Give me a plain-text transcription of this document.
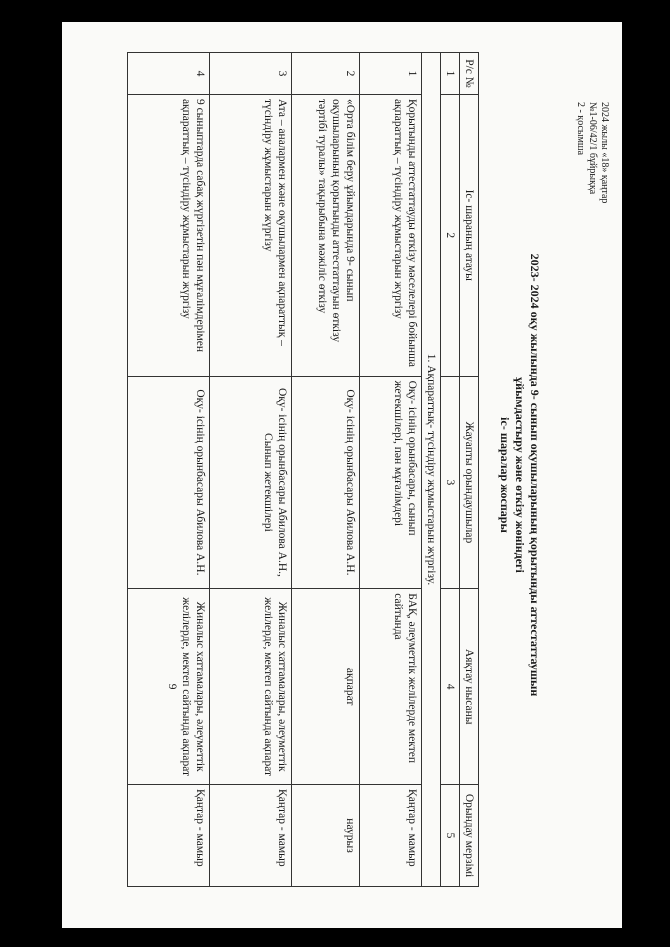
2024 жылы «18» қаңтар
№1-06/42/1 бұйрыққа
2 - қосымша
2023- 2024 оқу жылында 9- сынып оқушыларының қорытынды аттестаттаушын
ұйымдастыру және өткізу жөніндегі
іс- шаралар жоспары
Р/с №	Іс- шараның атауы	Жауапты орындаушылар	Аяқтау нысаны	Орындау мерзімі
1	2	3	4	5
1. Ақпараттық- түсіндіру жұмыстарын жүргізу.				
1	Қорытынды аттестаттауды өткізу мәселелері бойынша ақпараттық – түсіндіру жұмыстарын жүргізу	Оқу- ісінің орынбасары, сынып жетекшілері, пән мұғалімдері	БАҚ, әлеуметтік желілерде мектеп сайтында	Қаңтар - мамыр
2	«Орта білім беру ұйымдарында 9- сынып оқушыларының қорытынды аттестаттауын өткізу тәртібі туралы» тақырыбына мәжіліс өткізу	Оқу- ісінің орынбасары Абилова А.Н.	ақпарат	наурыз
3	Ата – аналармен және оқушылармен ақпараттық – түсіндіру жұмыстарын жүргізу	Оқу- ісінің орынбасары Абилова А.Н., Сынып жетекшілері	Жиналыс хаттамалары, әлеуметтік желілерде, мектеп сайтында ақпарат	Қаңтар - мамыр
4	9 сыныптарда сабақ жүргізетін пән мұғалімдерімен ақпараттық – түсіндіру жұмыстарын жүргізу	Оқу- ісінің орынбасары Абилова А.Н.	Жиналыс хаттамалары, әлеуметтік желілерде, мектеп сайтында ақпарат 9	Қаңтар - мамыр
